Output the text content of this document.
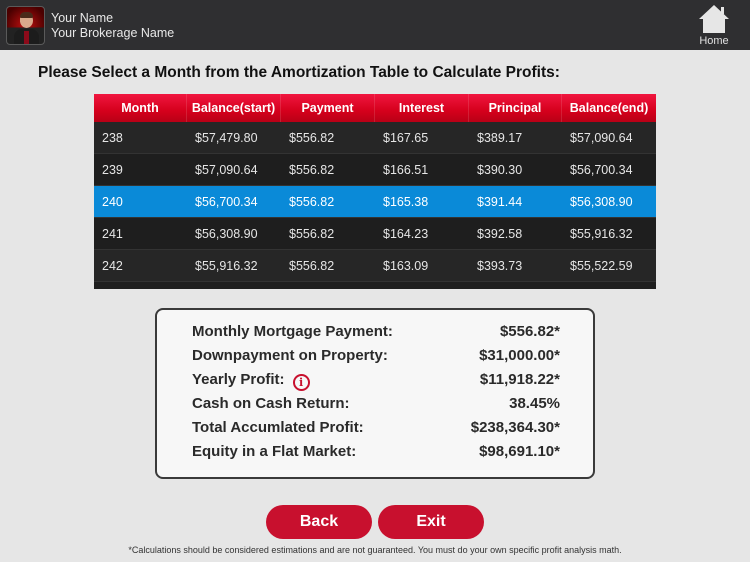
Your Name
Your Brokerage Name
Home
Please Select a Month from the Amortization Table to Calculate Profits:
Month	Balance(start)	Payment	Interest	Principal	Balance(end)
238	$57,479.80	$556.82	$167.65	$389.17	$57,090.64
239	$57,090.64	$556.82	$166.51	$390.30	$56,700.34
240	$56,700.34	$556.82	$165.38	$391.44	$56,308.90
241	$56,308.90	$556.82	$164.23	$392.58	$55,916.32
242	$55,916.32	$556.82	$163.09	$393.73	$55,522.59
Monthly Mortgage Payment:	$556.82*
Downpayment on Property:	$31,000.00*
Yearly Profit: i	$11,918.22*
Cash on Cash Return:	38.45%
Total Accumlated Profit:	$238,364.30*
Equity in a Flat Market:	$98,691.10*
Back	Exit
*Calculations should be considered estimations and are not guaranteed. You must do your own specific profit analysis math.
